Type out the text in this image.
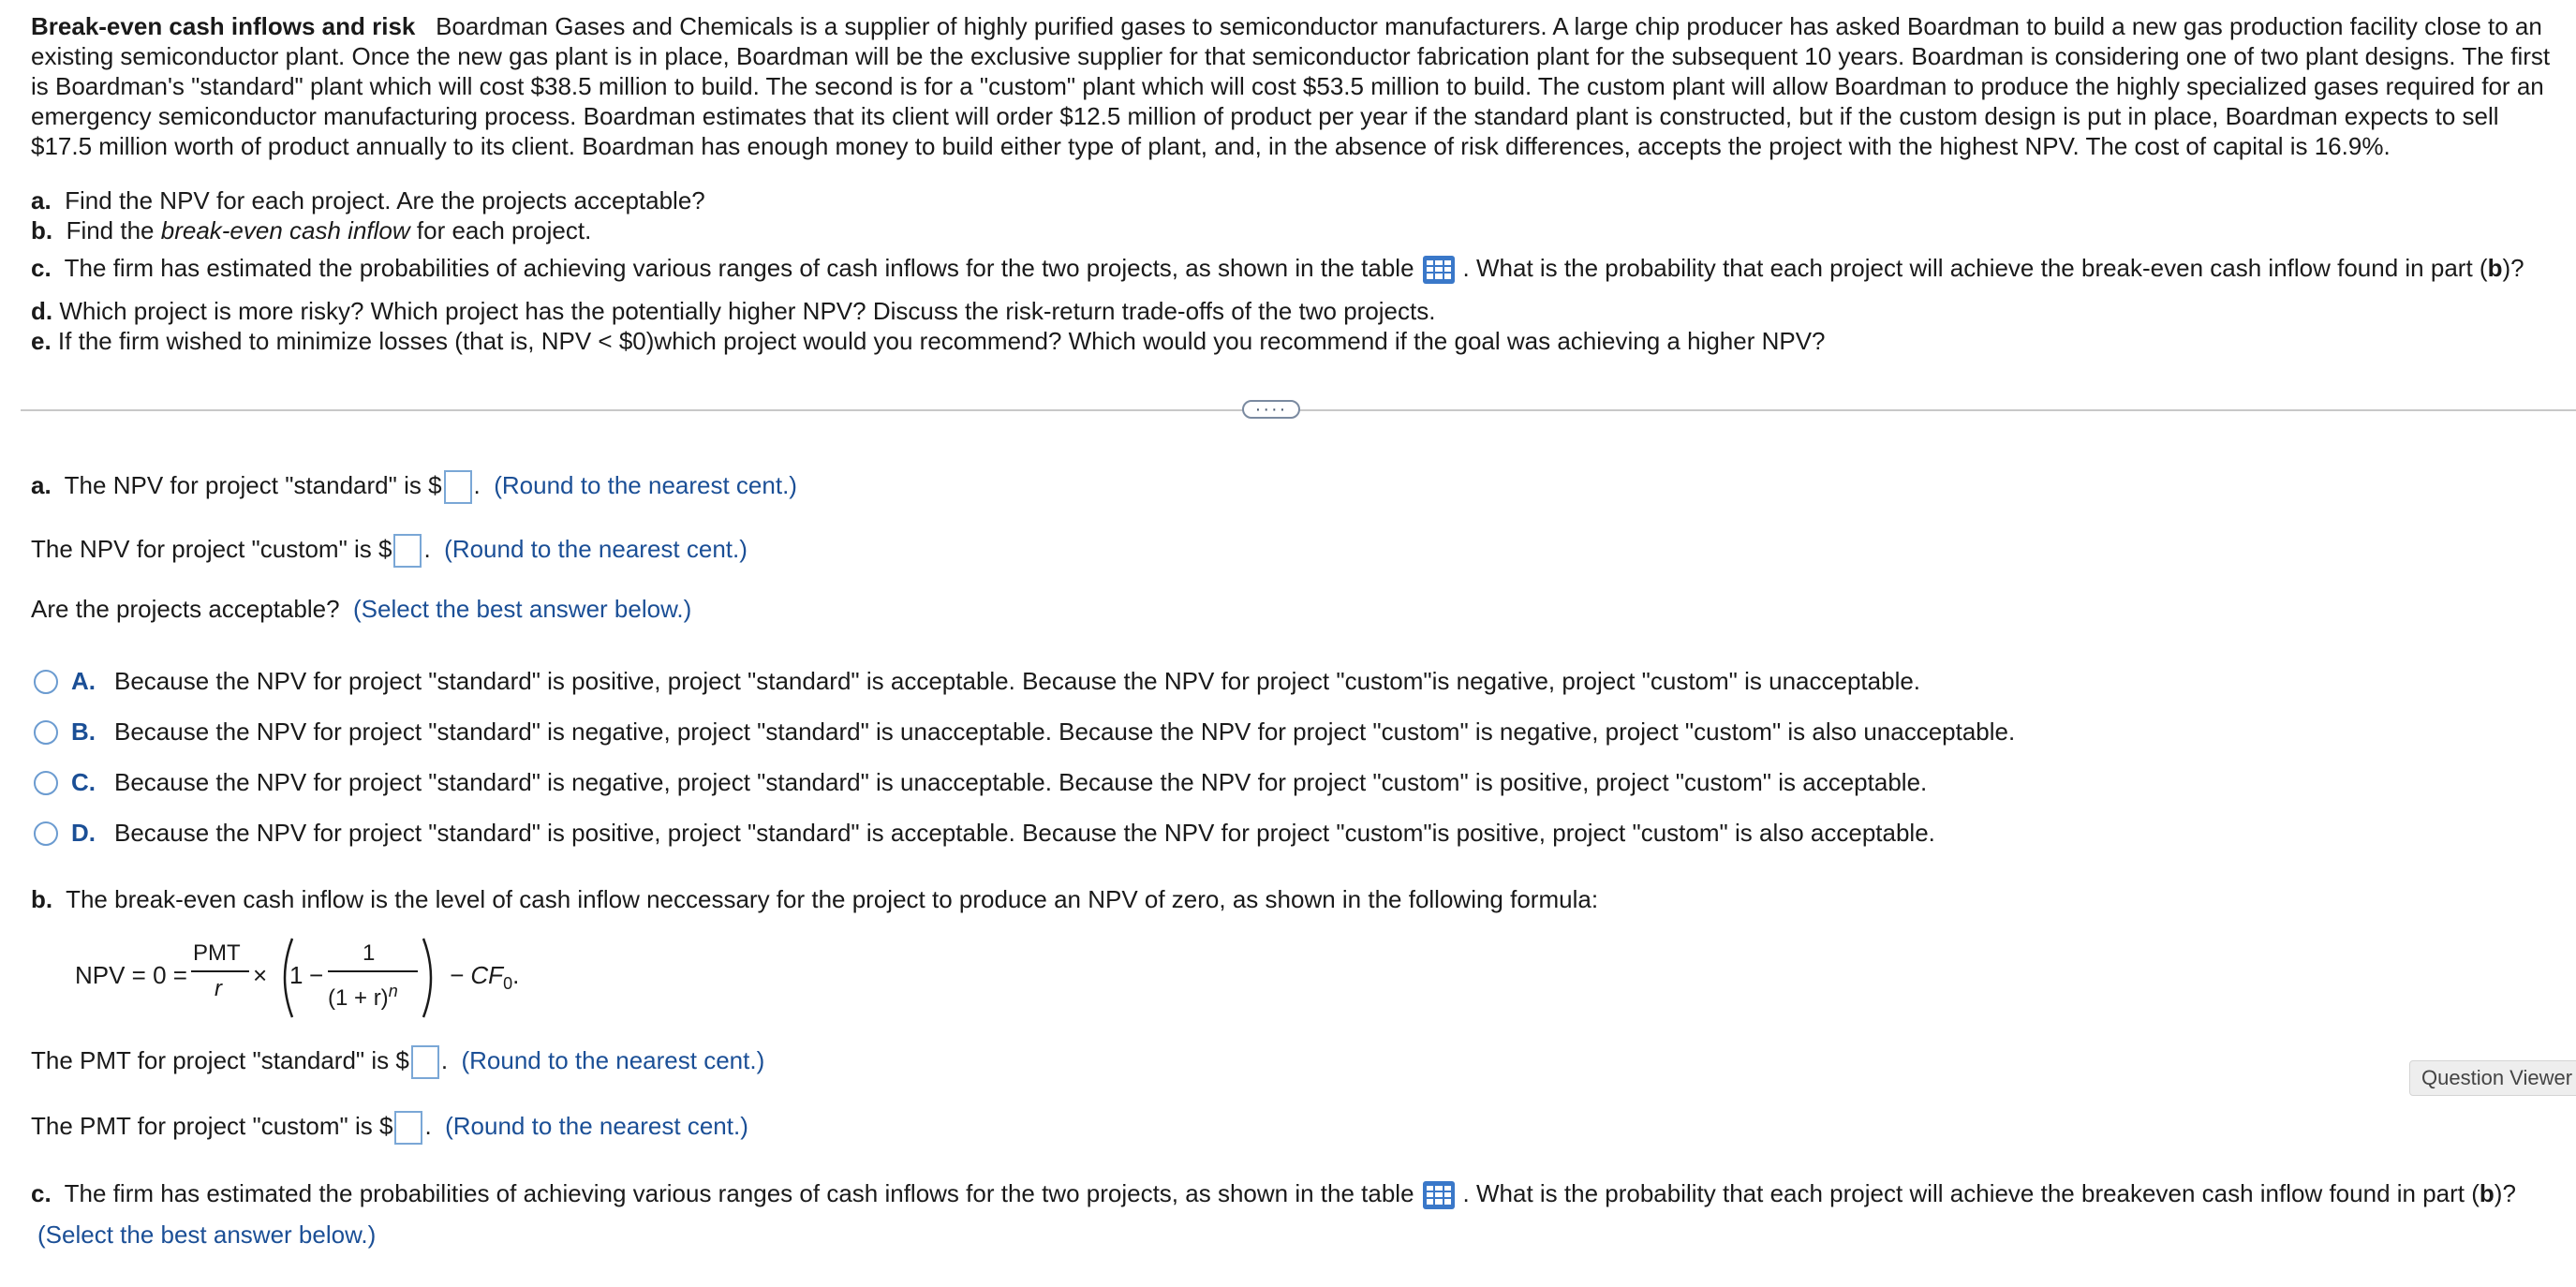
Break-even cash inflows and risk Boardman Gases and Chemicals is a supplier of highly purified gases to semiconductor manufacturers. A large chip producer has asked Boardman to build a new gas production facility close to an existing semiconductor plant. Once the new gas plant is in place, Boardman will be the exclusive supplier for that semiconductor fabrication plant for the subsequent 10 years. Boardman is considering one of two plant designs. The first is Boardman's "standard" plant which will cost $38.5 million to build. The second is for a "custom" plant which will cost $53.5 million to build. The custom plant will allow Boardman to produce the highly specialized gases required for an emergency semiconductor manufacturing process. Boardman estimates that its client will order $12.5 million of product per year if the standard plant is constructed, but if the custom design is put in place, Boardman expects to sell $17.5 million worth of product annually to its client. Boardman has enough money to build either type of plant, and, in the absence of risk differences, accepts the project with the highest NPV. The cost of capital is 16.9%.
a. Find the NPV for each project. Are the projects acceptable?
b. Find the break-even cash inflow for each project.
c. The firm has estimated the probabilities of achieving various ranges of cash inflows for the two projects, as shown in the table . What is the probability that each project will achieve the break-even cash inflow found in part (b)?
d. Which project is more risky? Which project has the potentially higher NPV? Discuss the risk-return trade-offs of the two projects.
e. If the firm wished to minimize losses (that is, NPV < $0)which project would you recommend? Which would you recommend if the goal was achieving a higher NPV?
····
a. The NPV for project "standard" is $ .  (Round to the nearest cent.)
The NPV for project "custom" is $ .  (Round to the nearest cent.)
Are the projects acceptable? (Select the best answer below.)
A. Because the NPV for project "standard" is positive, project "standard" is acceptable. Because the NPV for project "custom"is negative, project "custom" is unacceptable.
B. Because the NPV for project "standard" is negative, project "standard" is unacceptable. Because the NPV for project "custom" is negative, project "custom" is also unacceptable.
C. Because the NPV for project "standard" is negative, project "standard" is unacceptable. Because the NPV for project "custom" is positive, project "custom" is acceptable.
D. Because the NPV for project "standard" is positive, project "standard" is acceptable. Because the NPV for project "custom"is positive, project "custom" is also acceptable.
b. The break-even cash inflow is the level of cash inflow neccessary for the project to produce an NPV of zero, as shown in the following formula:
NPV = 0 =
PMT
r × 1 −
1
$(1 + r)^n$
− $CF_0$.
The PMT for project "standard" is $ .  (Round to the nearest cent.)
The PMT for project "custom" is $ .  (Round to the nearest cent.)
c. The firm has estimated the probabilities of achieving various ranges of cash inflows for the two projects, as shown in the table . What is the probability that each project will achieve the breakeven cash inflow found in part (b)?
(Select the best answer below.)
Question Viewer
